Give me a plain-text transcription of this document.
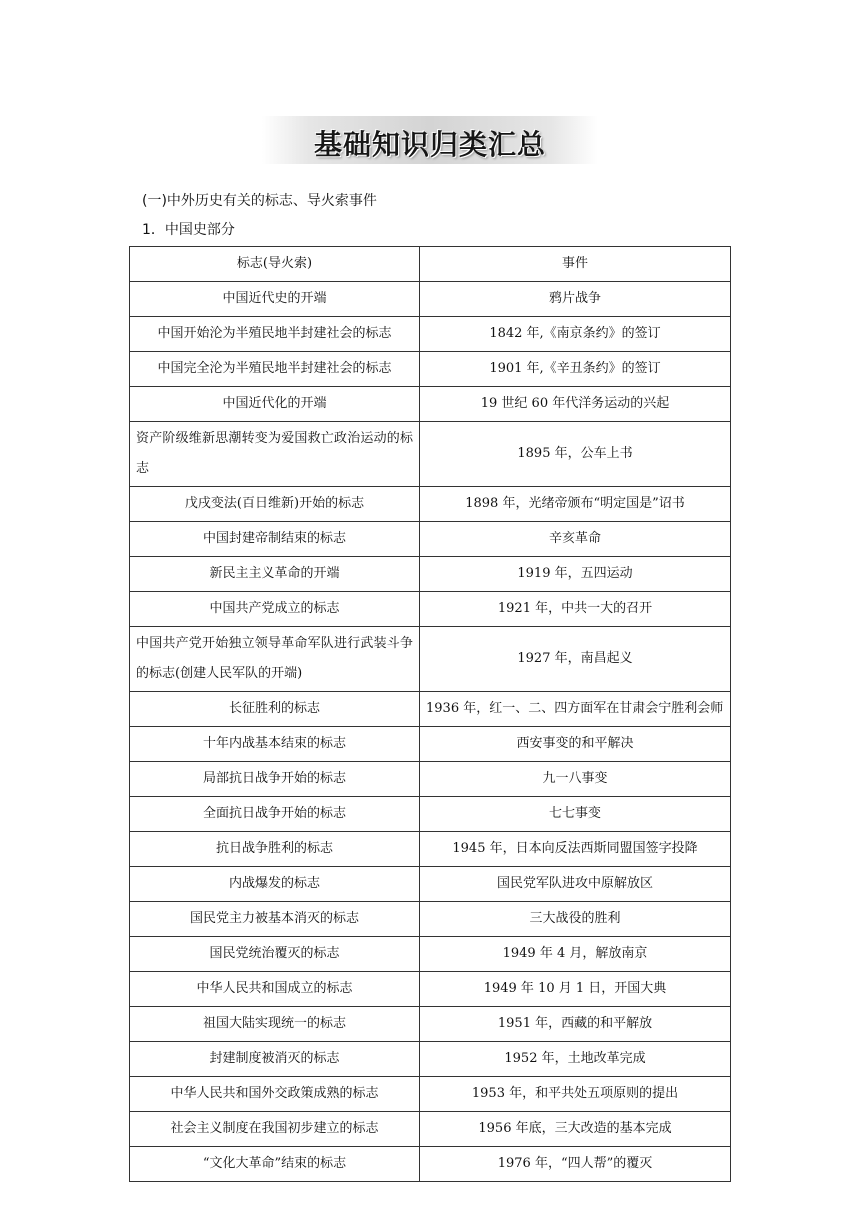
基础知识归类汇总
(一)中外历史有关的标志、导火索事件
1．中国史部分
标志(导火索)	事件
中国近代史的开端	鸦片战争
中国开始沦为半殖民地半封建社会的标志	1842 年,《南京条约》的签订
中国完全沦为半殖民地半封建社会的标志	1901 年,《辛丑条约》的签订
中国近代化的开端	19 世纪 60 年代洋务运动的兴起
资产阶级维新思潮转变为爱国救亡政治运动的标志	1895 年，公车上书
戊戌变法(百日维新)开始的标志	1898 年，光绪帝颁布“明定国是”诏书
中国封建帝制结束的标志	辛亥革命
新民主主义革命的开端	1919 年，五四运动
中国共产党成立的标志	1921 年，中共一大的召开
中国共产党开始独立领导革命军队进行武装斗争的标志(创建人民军队的开端)	1927 年，南昌起义
长征胜利的标志	1936 年，红一、二、四方面军在甘肃会宁胜利会师
十年内战基本结束的标志	西安事变的和平解决
局部抗日战争开始的标志	九一八事变
全面抗日战争开始的标志	七七事变
抗日战争胜利的标志	1945 年，日本向反法西斯同盟国签字投降
内战爆发的标志	国民党军队进攻中原解放区
国民党主力被基本消灭的标志	三大战役的胜利
国民党统治覆灭的标志	1949 年 4 月，解放南京
中华人民共和国成立的标志	1949 年 10 月 1 日，开国大典
祖国大陆实现统一的标志	1951 年，西藏的和平解放
封建制度被消灭的标志	1952 年，土地改革完成
中华人民共和国外交政策成熟的标志	1953 年，和平共处五项原则的提出
社会主义制度在我国初步建立的标志	1956 年底，三大改造的基本完成
“文化大革命”结束的标志	1976 年，“四人帮”的覆灭
